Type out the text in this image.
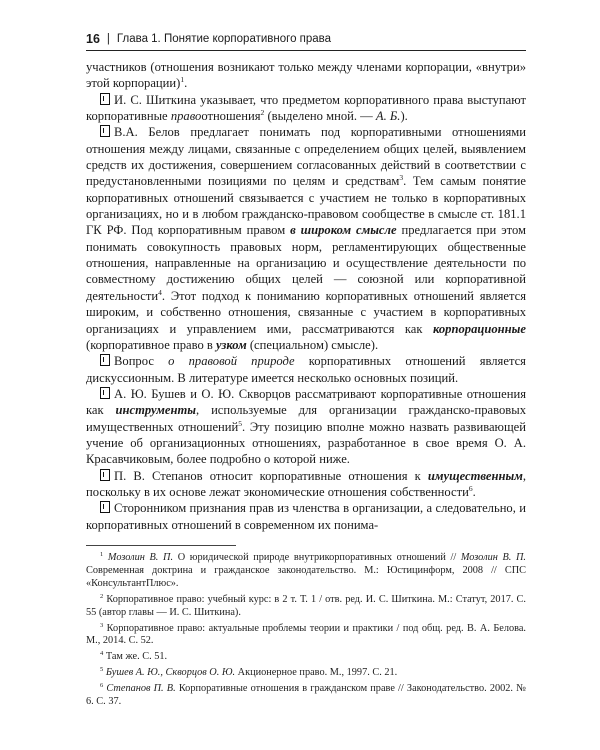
16 | Глава 1. Понятие корпоративного права

участников (отношения возникают только между членами корпорации, «внутри» этой корпорации)$^1$.

И. С. Шиткина указывает, что предметом корпоративного права выступают корпоративные правоотношения$^2$ (выделено мной. — А. Б.).

В.А. Белов предлагает понимать под корпоративными отношениями отношения между лицами, связанные с определением общих целей, выявлением средств их достижения, совершением согласованных действий в соответствии с предустановленными позициями по целям и средствам$^3$. Тем самым понятие корпоративных отношений связывается с участием не только в корпоративных организациях, но и в любом гражданско-правовом сообществе в смысле ст. 181.1 ГК РФ. Под корпоративным правом в широком смысле предлагается при этом понимать совокупность правовых норм, регламентирующих общественные отношения, направленные на организацию и осуществление деятельности по совместному достижению общих целей — союзной или корпоративной деятельности$^4$. Этот подход к пониманию корпоративных отношений является широким, и собственно отношения, связанные с участием в корпоративных организациях и управлением ими, рассматриваются как корпорационные (корпоративное право в узком (специальном) смысле).

Вопрос о правовой природе корпоративных отношений является дискуссионным. В литературе имеется несколько основных позиций.

А. Ю. Бушев и О. Ю. Скворцов рассматривают корпоративные отношения как инструменты, используемые для организации гражданско-правовых имущественных отношений$^5$. Эту позицию вполне можно назвать развивающей учение об организационных отношениях, разработанное в свое время О. А. Красавчиковым, более подробно о которой ниже.

П. В. Степанов относит корпоративные отношения к имущественным, поскольку в их основе лежат экономические отношения собственности$^6$.

Сторонником признания прав из членства в организации, а следовательно, и корпоративных отношений в современном их понима-

$^1$ Мозолин В. П. О юридической природе внутрикорпоративных отношений // Мозолин В. П. Современная доктрина и гражданское законодательство. М.: Юстицинформ, 2008 // СПС «КонсультантПлюс».

$^2$ Корпоративное право: учебный курс: в 2 т. Т. 1 / отв. ред. И. С. Шиткина. М.: Статут, 2017. С. 55 (автор главы — И. С. Шиткина).

$^3$ Корпоративное право: актуальные проблемы теории и практики / под общ. ред. В. А. Белова. М., 2014. С. 52.

$^4$ Там же. С. 51.

$^5$ Бушев А. Ю., Скворцов О. Ю. Акционерное право. М., 1997. С. 21.

$^6$ Степанов П. В. Корпоративные отношения в гражданском праве // Законодательство. 2002. № 6. С. 37.
